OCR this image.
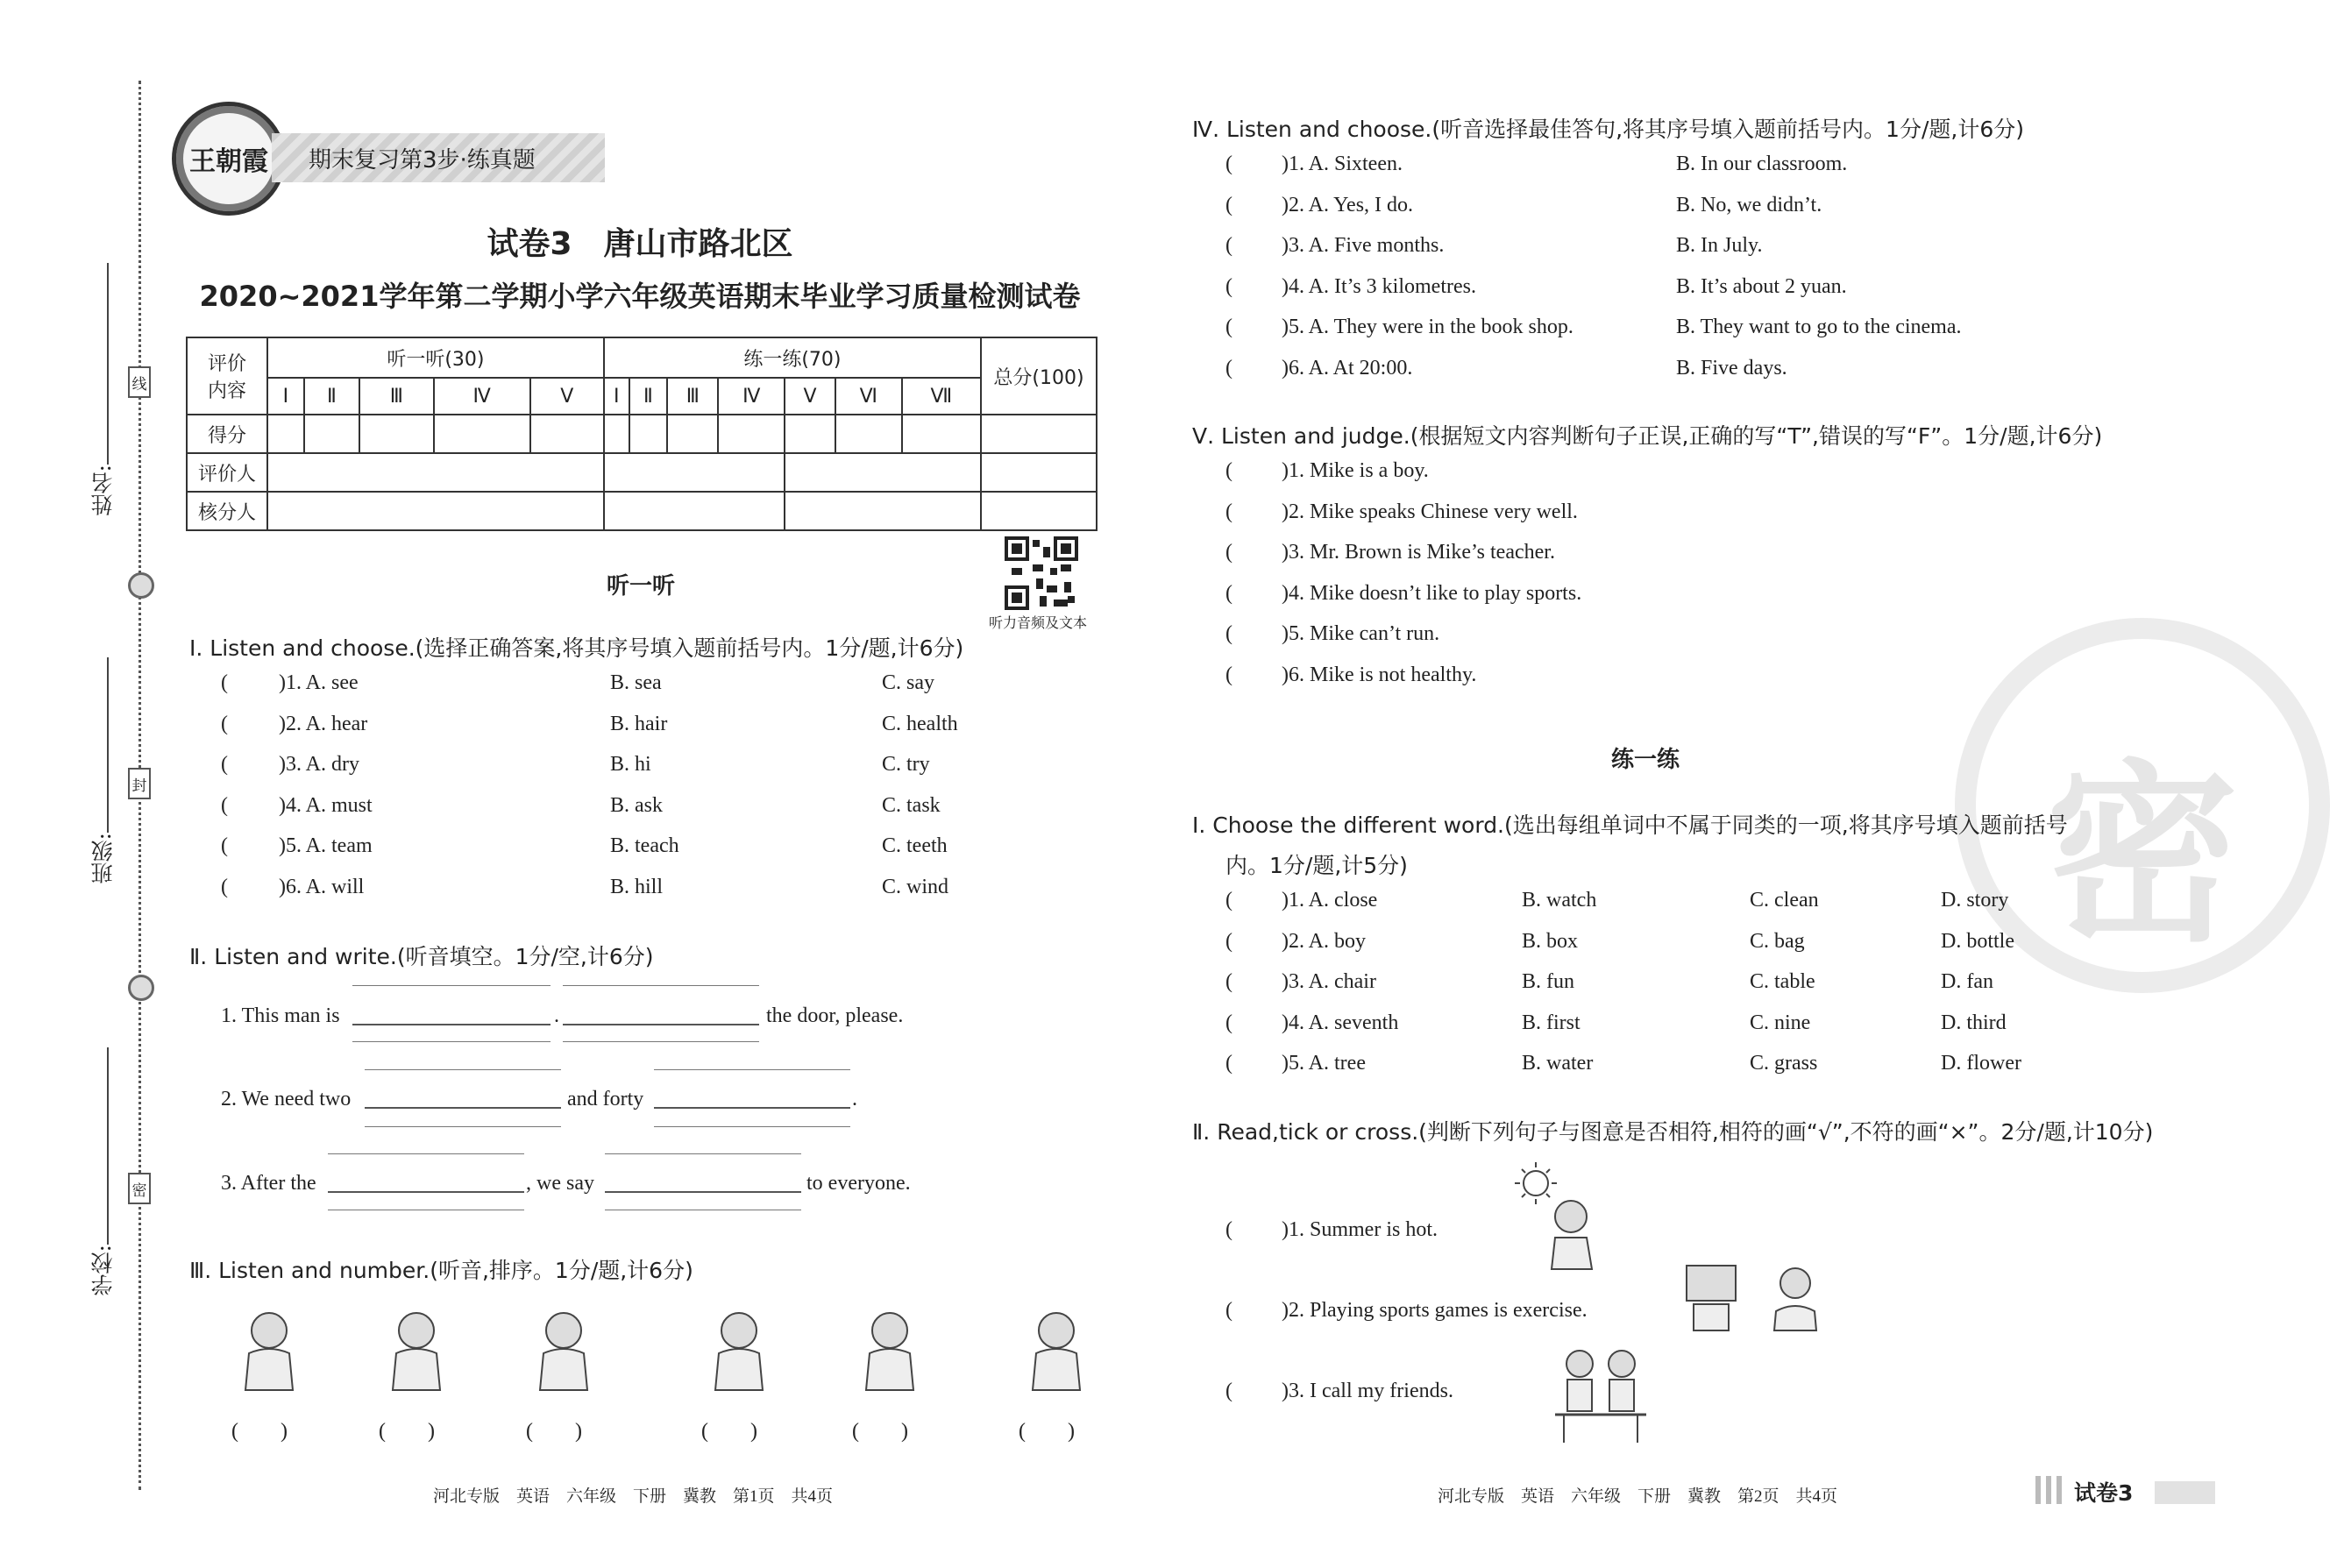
姓名:
班级:
学校:
线
封
密
王朝霞	期末复习第3步·练真题
试卷3　唐山市路北区
2020~2021学年第二学期小学六年级英语期末毕业学习质量检测试卷
评价
内容	听一听(30)					练一练(70)							总分(100)
	Ⅰ	Ⅱ	Ⅲ	Ⅳ	Ⅴ	Ⅰ	Ⅱ	Ⅲ	Ⅳ	Ⅴ	Ⅵ	Ⅶ	
得分													
评价人													
核分人													
听力音频及文本
听一听
Ⅰ. Listen and choose.(选择正确答案,将其序号填入题前括号内。1分/题,计6分)
( )1. A. see	B. sea	C. say
( )2. A. hear	B. hair	C. health
( )3. A. dry	B. hi	C. try
( )4. A. must	B. ask	C. task
( )5. A. team	B. teach	C. teeth
( )6. A. will	B. hill	C. wind
Ⅱ. Listen and write.(听音填空。1分/空,计6分)
1. This man is	.	the door, please.
2. We need two	and forty	.
3. After the	, we say	to everyone.
Ⅲ. Listen and number.(听音,排序。1分/题,计6分)
(　　)	(　　)	(　　)	(　　)	(　　)	(　　)
Ⅳ. Listen and choose.(听音选择最佳答句,将其序号填入题前括号内。1分/题,计6分)
( )1. A. Sixteen.	B. In our classroom.
( )2. A. Yes, I do.	B. No, we didn’t.
( )3. A. Five months.	B. In July.
( )4. A. It’s 3 kilometres.	B. It’s about 2 yuan.
( )5. A. They were in the book shop.	B. They want to go to the cinema.
( )6. A. At 20:00.	B. Five days.
Ⅴ. Listen and judge.(根据短文内容判断句子正误,正确的写“T”,错误的写“F”。1分/题,计6分)
( )1. Mike is a boy.
( )2. Mike speaks Chinese very well.
( )3. Mr. Brown is Mike’s teacher.
( )4. Mike doesn’t like to play sports.
( )5. Mike can’t run.
( )6. Mike is not healthy.
密
练一练
Ⅰ. Choose the different word.(选出每组单词中不属于同类的一项,将其序号填入题前括号
内。1分/题,计5分)
( )1. A. close	B. watch	C. clean	D. story
( )2. A. boy	B. box	C. bag	D. bottle
( )3. A. chair	B. fun	C. table	D. fan
( )4. A. seventh	B. first	C. nine	D. third
( )5. A. tree	B. water	C. grass	D. flower
Ⅱ. Read,tick or cross.(判断下列句子与图意是否相符,相符的画“√”,不符的画“×”。2分/题,计10分)
( )1. Summer is hot.
( )2. Playing sports games is exercise.
( )3. I call my friends.
河北专版　英语　六年级　下册　冀教　第1页　共4页	河北专版　英语　六年级　下册　冀教　第2页　共4页	试卷3
